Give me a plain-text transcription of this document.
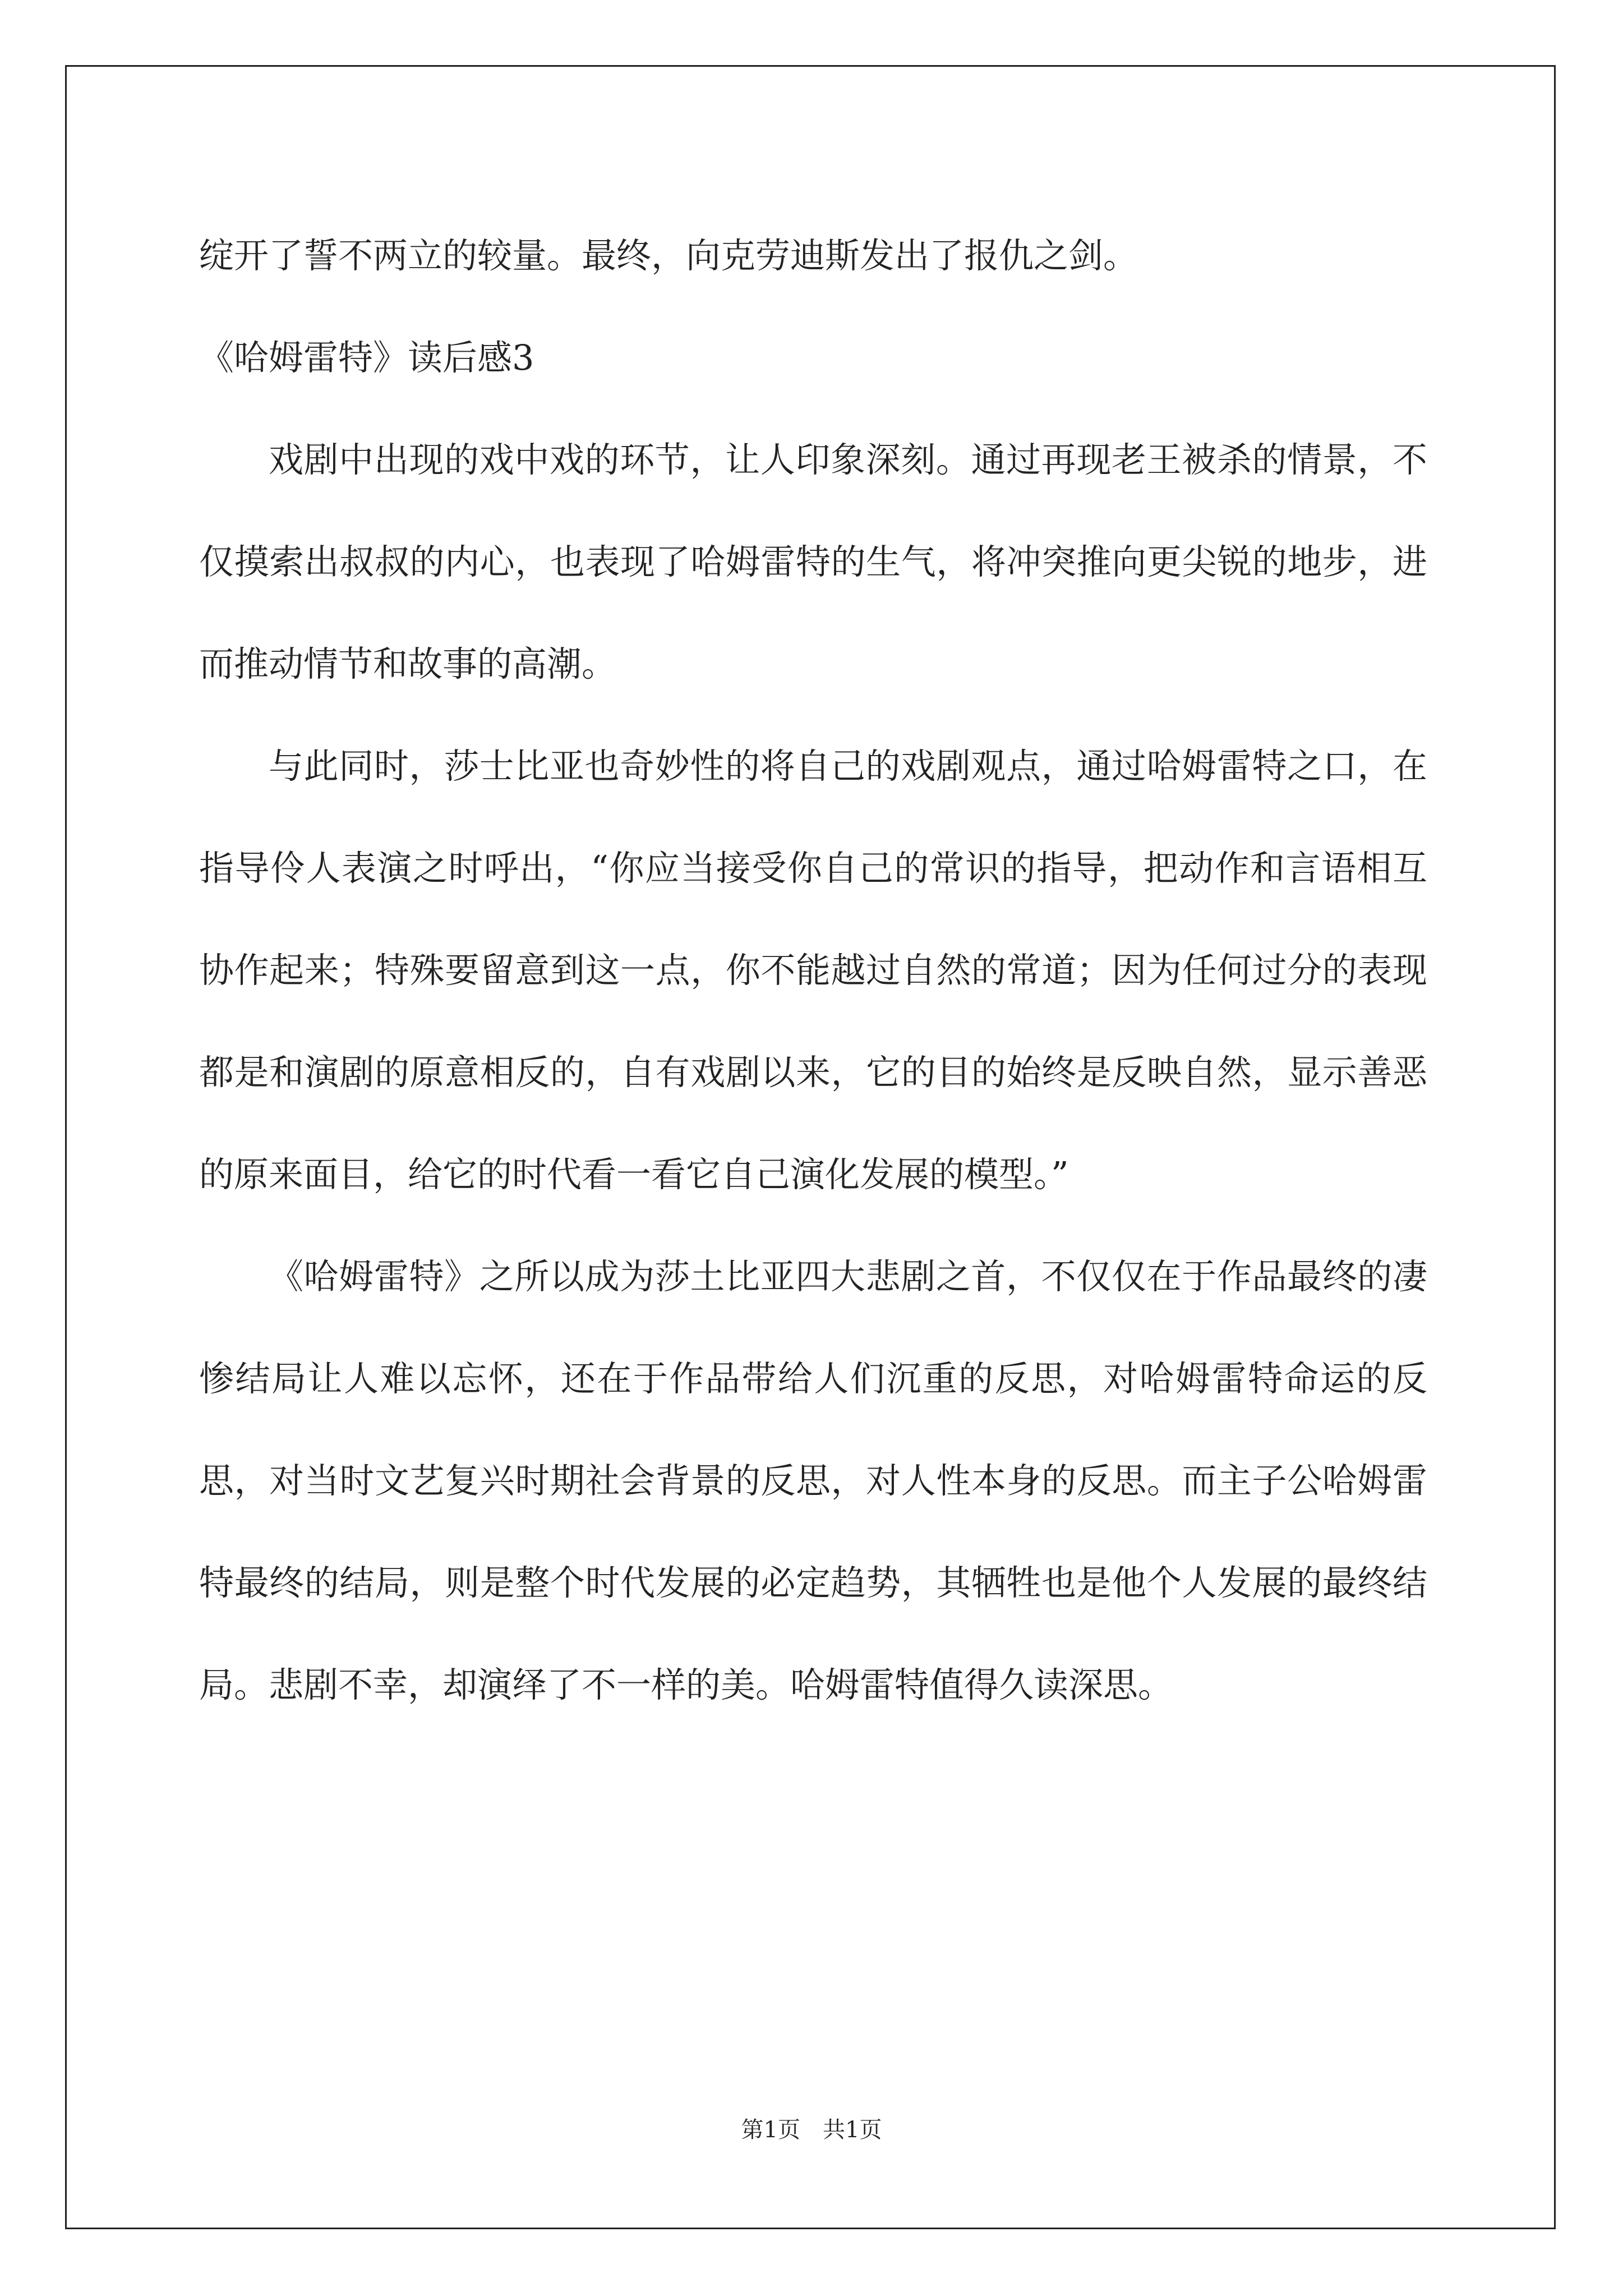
绽开了誓不两立的较量。最终，向克劳迪斯发出了报仇之剑。
《哈姆雷特》读后感3
戏剧中出现的戏中戏的环节，让人印象深刻。通过再现老王被杀的情景，不仅摸索出叔叔的内心，也表现了哈姆雷特的生气，将冲突推向更尖锐的地步，进而推动情节和故事的高潮。
与此同时，莎士比亚也奇妙性的将自己的戏剧观点，通过哈姆雷特之口，在指导伶人表演之时呼出，“你应当接受你自己的常识的指导，把动作和言语相互协作起来；特殊要留意到这一点，你不能越过自然的常道；因为任何过分的表现都是和演剧的原意相反的，自有戏剧以来，它的目的始终是反映自然，显示善恶的原来面目，给它的时代看一看它自己演化发展的模型。”
《哈姆雷特》之所以成为莎土比亚四大悲剧之首，不仅仅在于作品最终的凄惨结局让人难以忘怀，还在于作品带给人们沉重的反思，对哈姆雷特命运的反思，对当时文艺复兴时期社会背景的反思，对人性本身的反思。而主子公哈姆雷特最终的结局，则是整个时代发展的必定趋势，其牺牲也是他个人发展的最终结局。悲剧不幸，却演绎了不一样的美。哈姆雷特值得久读深思。
第1页　共1页
